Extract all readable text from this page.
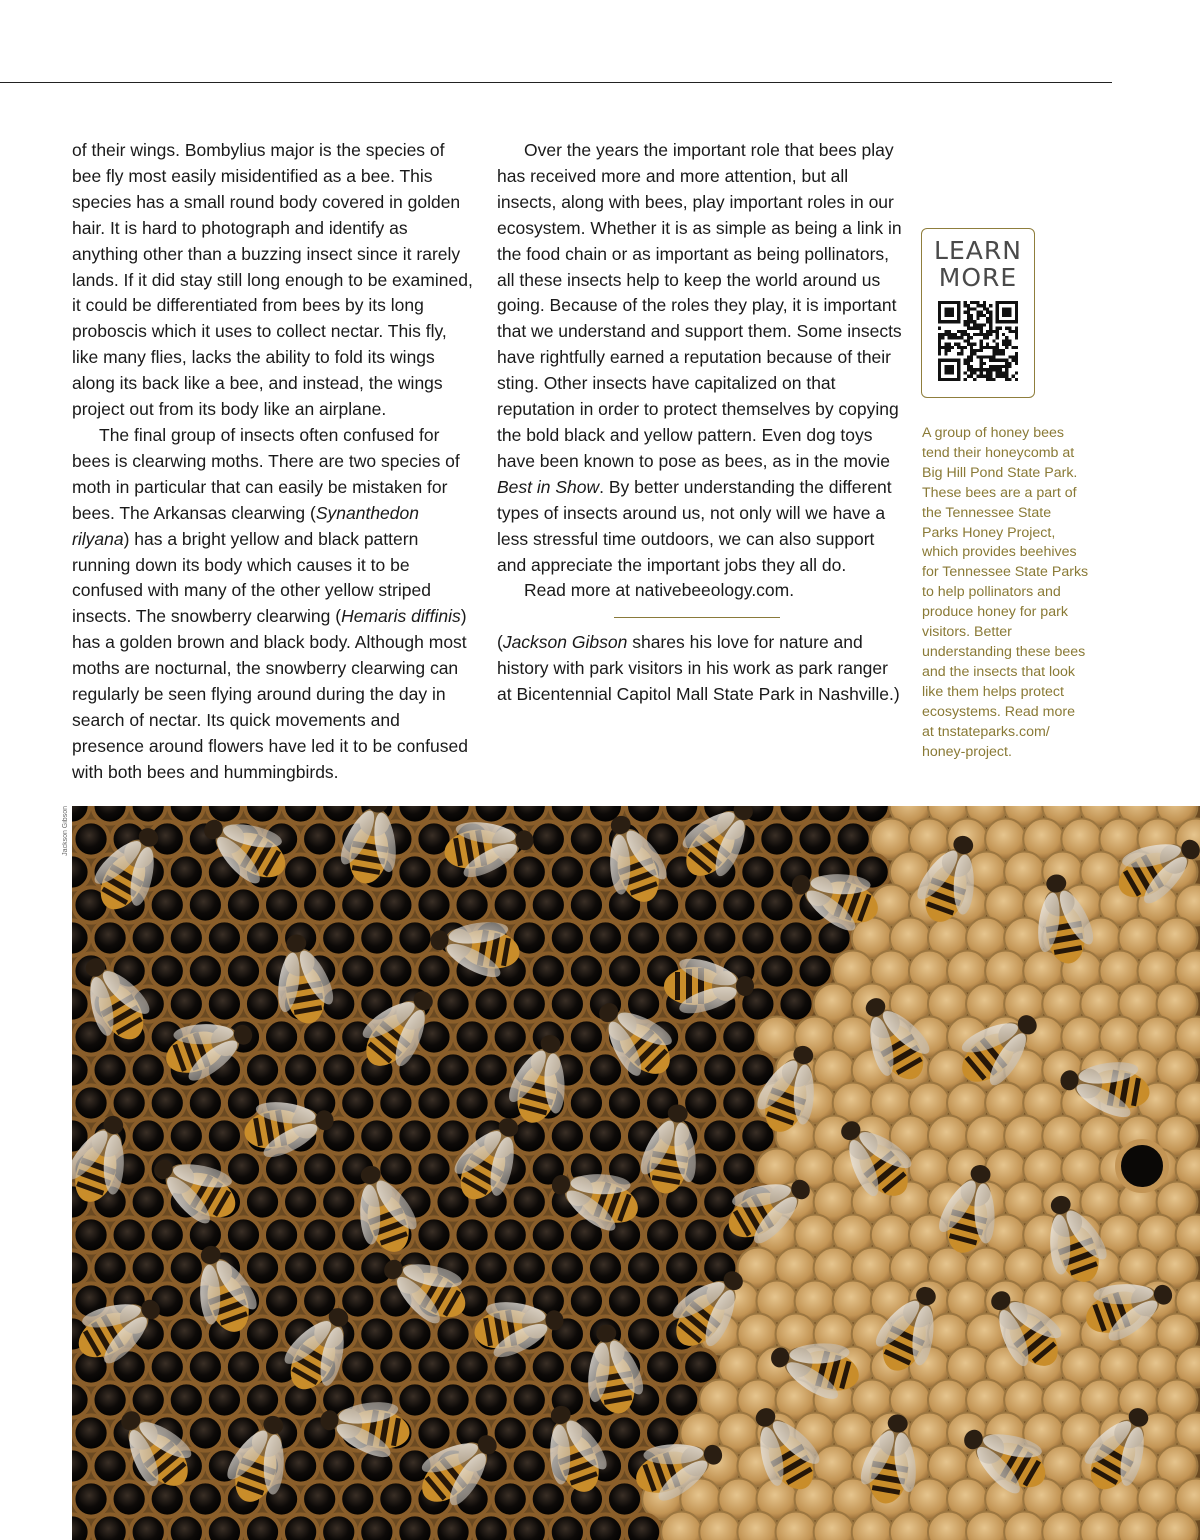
of their wings. Bombylius major is the species of bee fly most easily misidentified as a bee. This species has a small round body covered in golden hair. It is hard to photograph and identify as anything other than a buzzing insect since it rarely lands. If it did stay still long enough to be examined, it could be differentiated from bees by its long proboscis which it uses to collect nectar. This fly, like many flies, lacks the ability to fold its wings along its back like a bee, and instead, the wings project out from its body like an airplane.

The final group of insects often confused for bees is clearwing moths. There are two species of moth in particular that can easily be mistaken for bees. The Arkansas clearwing (Synanthedon rilyana) has a bright yellow and black pattern running down its body which causes it to be confused with many of the other yellow striped insects. The snowberry clearwing (Hemaris diffinis) has a golden brown and black body. Although most moths are nocturnal, the snowberry clearwing can regularly be seen flying around during the day in search of nectar. Its quick movements and presence around flowers have led it to be confused with both bees and hummingbirds.

Over the years the important role that bees play has received more and more attention, but all insects, along with bees, play important roles in our ecosystem. Whether it is as simple as being a link in the food chain or as important as being pollinators, all these insects help to keep the world around us going. Because of the roles they play, it is important that we understand and support them. Some insects have rightfully earned a reputation because of their sting. Other insects have capitalized on that reputation in order to protect themselves by copying the bold black and yellow pattern. Even dog toys have been known to pose as bees, as in the movie Best in Show. By better understanding the different types of insects around us, not only will we have a less stressful time outdoors, we can also support and appreciate the important jobs they all do.

Read more at nativebeeology.com.

(Jackson Gibson shares his love for nature and history with park visitors in his work as park ranger at Bicentennial Capitol Mall State Park in Nashville.)

LEARN
MORE
A group of honey bees tend their honeycomb at Big Hill Pond State Park. These bees are a part of the Tennessee State Parks Honey Project, which provides beehives for Tennessee State Parks to help pollinators and produce honey for park visitors. Better understanding these bees and the insects that look like them helps protect ecosystems. Read more at tnstateparks.com/ honey-project.
Jackson Gibson
